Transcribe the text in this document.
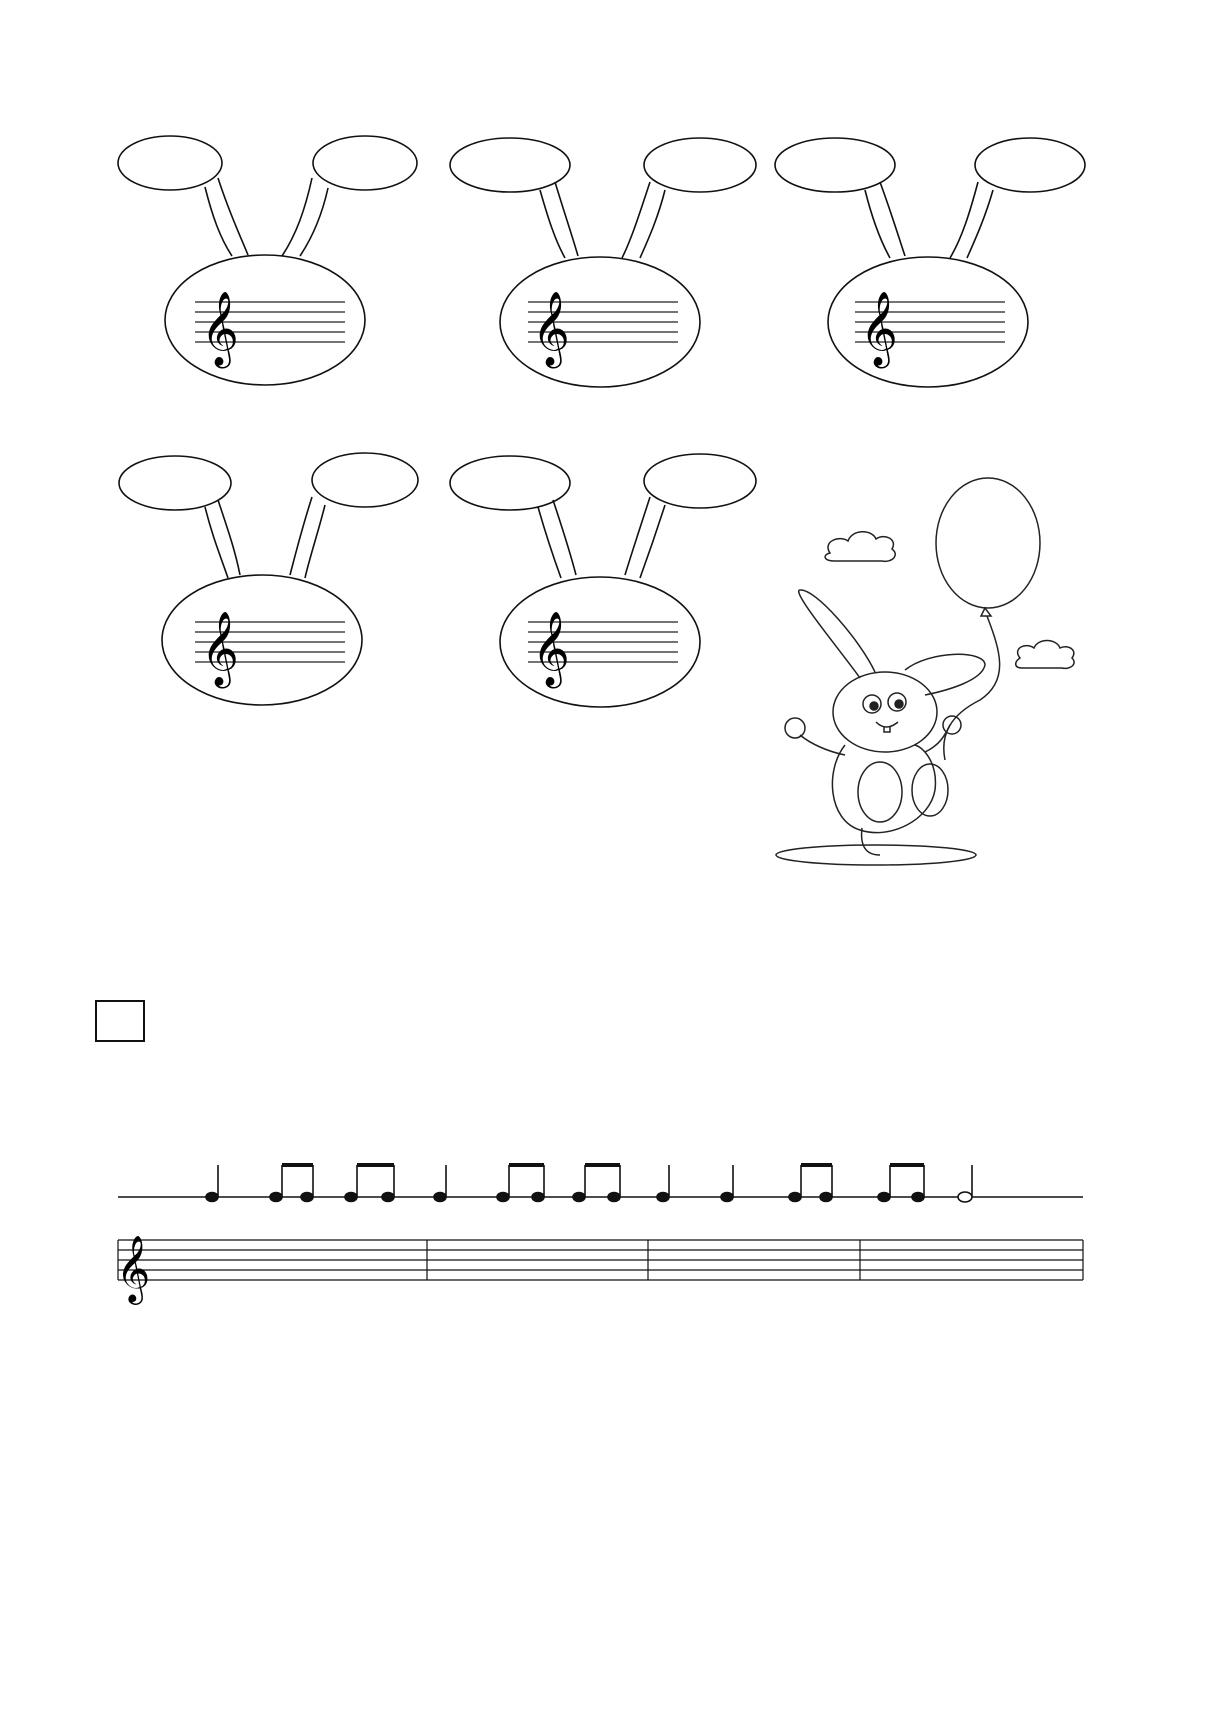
𝄞	𝄞	𝄞
𝄞	𝄞
𝄞
